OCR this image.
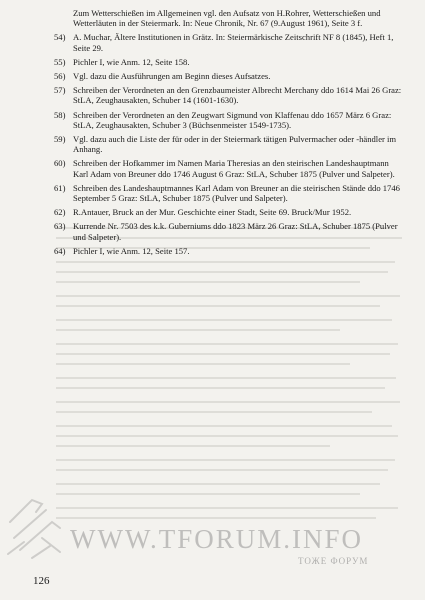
Zum Wetterschießen im Allgemeinen vgl. den Aufsatz von H.Rohrer, Wetterschießen und Wetterläuten in der Steiermark. In: Neue Chronik, Nr. 67 (9.August 1961), Seite 3 f.
54) A. Muchar, Ältere Institutionen in Grätz. In: Steiermärkische Zeitschrift NF 8 (1845), Heft 1, Seite 29.
55) Pichler I, wie Anm. 12, Seite 158.
56) Vgl. dazu die Ausführungen am Beginn dieses Aufsatzes.
57) Schreiben der Verordneten an den Grenzbaumeister Albrecht Merchany ddo 1614 Mai 26 Graz: StLA, Zeughausakten, Schuber 14 (1601-1630).
58) Schreiben der Verordneten an den Zeugwart Sigmund von Klaffenau ddo 1657 März 6 Graz: StLA, Zeughausakten, Schuber 3 (Büchsenmeister 1549-1735).
59) Vgl. dazu auch die Liste der für oder in der Steiermark tätigen Pulvermacher oder -händler im Anhang.
60) Schreiben der Hofkammer im Namen Maria Theresias an den steirischen Landeshauptmann Karl Adam von Breuner ddo 1746 August 6 Graz: StLA, Schuber 1875 (Pulver und Salpeter).
61) Schreiben des Landeshauptmannes Karl Adam von Breuner an die steirischen Stände ddo 1746 September 5 Graz: StLA, Schuber 1875 (Pulver und Salpeter).
62) R.Antauer, Bruck an der Mur. Geschichte einer Stadt, Seite 69. Bruck/Mur 1952.
63) Kurrende Nr. 7503 des k.k. Guberniums ddo 1823 März 26 Graz: StLA, Schuber 1875 (Pulver und Salpeter).
64) Pichler I, wie Anm. 12, Seite 157.
WWW.TFORUM.INFO
ТОЖЕ ФОРУМ
126
